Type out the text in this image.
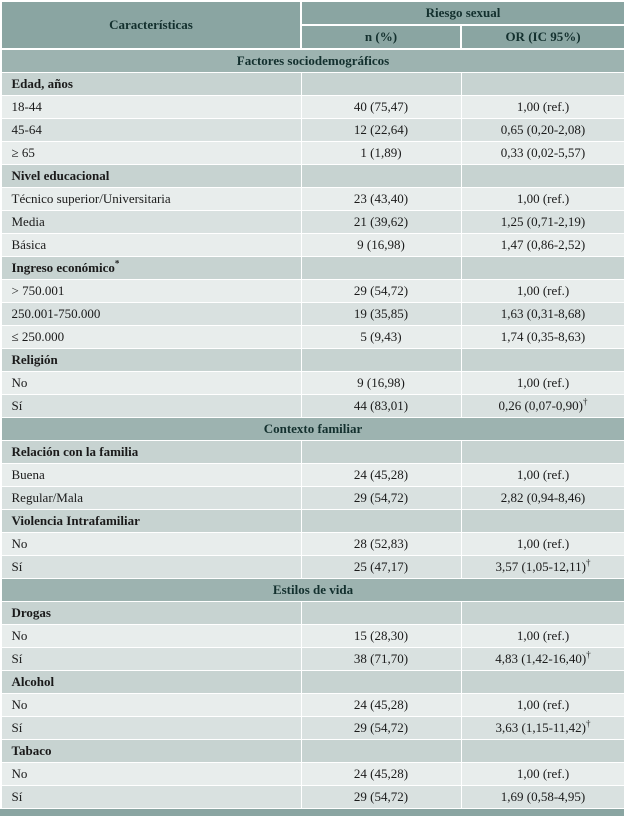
Características	Riesgo sexual	
	n (%)	OR (IC 95%)
Factores sociodemográficos		
Edad, años		
18-44	40 (75,47)	1,00 (ref.)
45-64	12 (22,64)	0,65 (0,20-2,08)
≥ 65	1 (1,89)	0,33 (0,02-5,57)
Nivel educacional		
Técnico superior/Universitaria	23 (43,40)	1,00 (ref.)
Media	21 (39,62)	1,25 (0,71-2,19)
Básica	9 (16,98)	1,47 (0,86-2,52)
Ingreso económico*		
> 750.001	29 (54,72)	1,00 (ref.)
250.001-750.000	19 (35,85)	1,63 (0,31-8,68)
≤ 250.000	5 (9,43)	1,74 (0,35-8,63)
Religión		
No	9 (16,98)	1,00 (ref.)
Sí	44 (83,01)	0,26 (0,07-0,90)†
Contexto familiar		
Relación con la familia		
Buena	24 (45,28)	1,00 (ref.)
Regular/Mala	29 (54,72)	2,82 (0,94-8,46)
Violencia Intrafamiliar		
No	28 (52,83)	1,00 (ref.)
Sí	25 (47,17)	3,57 (1,05-12,11)†
Estilos de vida		
Drogas		
No	15 (28,30)	1,00 (ref.)
Sí	38 (71,70)	4,83 (1,42-16,40)†
Alcohol		
No	24 (45,28)	1,00 (ref.)
Sí	29 (54,72)	3,63 (1,15-11,42)†
Tabaco		
No	24 (45,28)	1,00 (ref.)
Sí	29 (54,72)	1,69 (0,58-4,95)
